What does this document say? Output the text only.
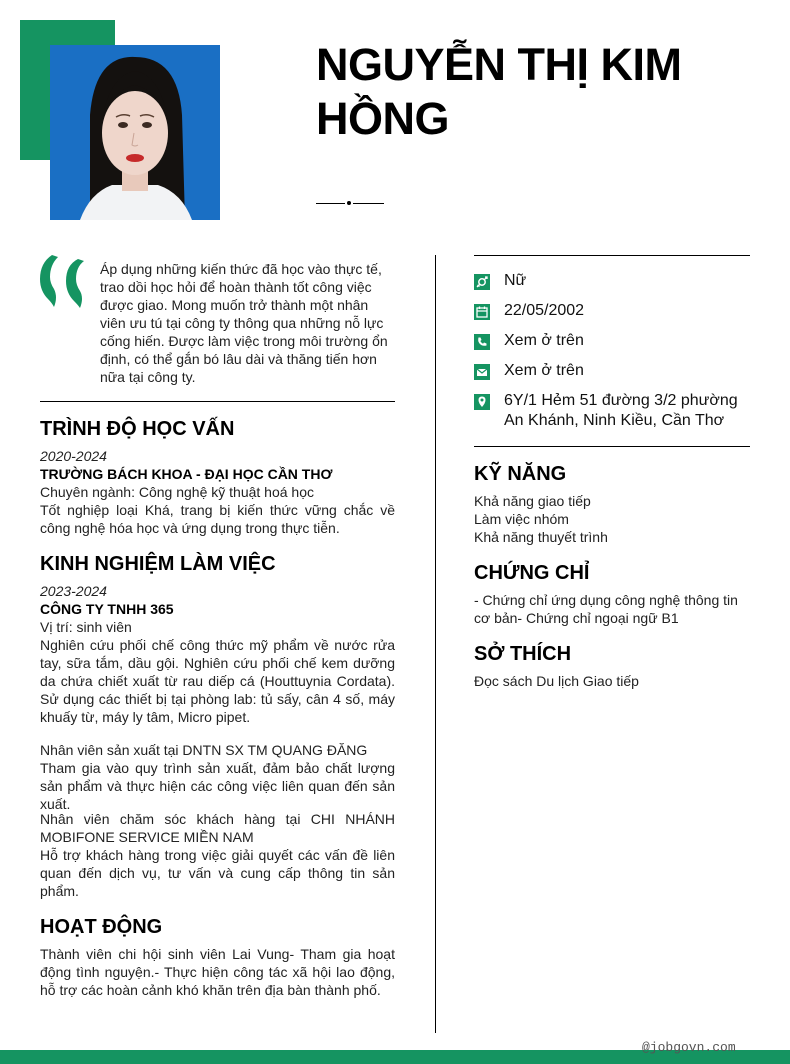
NGUYỄN THỊ KIM
HỒNG
Áp dụng những kiến thức đã học vào thực tế, trao dồi học hỏi để hoàn thành tốt công việc được giao. Mong muốn trở thành một nhân viên ưu tú tại công ty thông qua những nỗ lực cống hiến. Được làm việc trong môi trường ổn định, có thể gắn bó lâu dài và thăng tiến hơn nữa tại công ty.
TRÌNH ĐỘ HỌC VẤN
2020-2024
TRƯỜNG BÁCH KHOA - ĐẠI HỌC CẦN THƠ
Chuyên ngành: Công nghệ kỹ thuật hoá học
Tốt nghiệp loại Khá, trang bị kiến thức vững chắc về công nghệ hóa học và ứng dụng trong thực tiễn.
KINH NGHIỆM LÀM VIỆC
2023-2024
CÔNG TY TNHH 365
Vị trí: sinh viên
Nghiên cứu phối chế công thức mỹ phẩm về nước rửa tay, sữa tắm, dầu gội. Nghiên cứu phối chế kem dưỡng da chứa chiết xuất từ rau diếp cá (Houttuynia Cordata). Sử dụng các thiết bị tại phòng lab: tủ sấy, cân 4 số, máy khuấy từ, máy ly tâm, Micro pipet.
Nhân viên sản xuất tại DNTN SX TM QUANG ĐĂNG
Tham gia vào quy trình sản xuất, đảm bảo chất lượng sản phẩm và thực hiện các công việc liên quan đến sản xuất.
Nhân viên chăm sóc khách hàng tại CHI NHÁNH
MOBIFONE SERVICE MIỀN NAM
Hỗ trợ khách hàng trong việc giải quyết các vấn đề liên quan đến dịch vụ, tư vấn và cung cấp thông tin sản phẩm.
HOẠT ĐỘNG
Thành viên chi hội sinh viên Lai Vung- Tham gia hoạt động tình nguyện.- Thực hiện công tác xã hội lao động, hỗ trợ các hoàn cảnh khó khăn trên địa bàn thành phố.
Nữ
22/05/2002
Xem ở trên
Xem ở trên
6Y/1 Hẻm 51 đường 3/2 phường An Khánh, Ninh Kiều, Cần Thơ
KỸ NĂNG
Khả năng giao tiếp
Làm việc nhóm
Khả năng thuyết trình
CHỨNG CHỈ
- Chứng chỉ ứng dụng công nghệ thông tin cơ bản- Chứng chỉ ngoại ngữ B1
SỞ THÍCH
Đọc sách Du lịch Giao tiếp
@jobgovn.com
